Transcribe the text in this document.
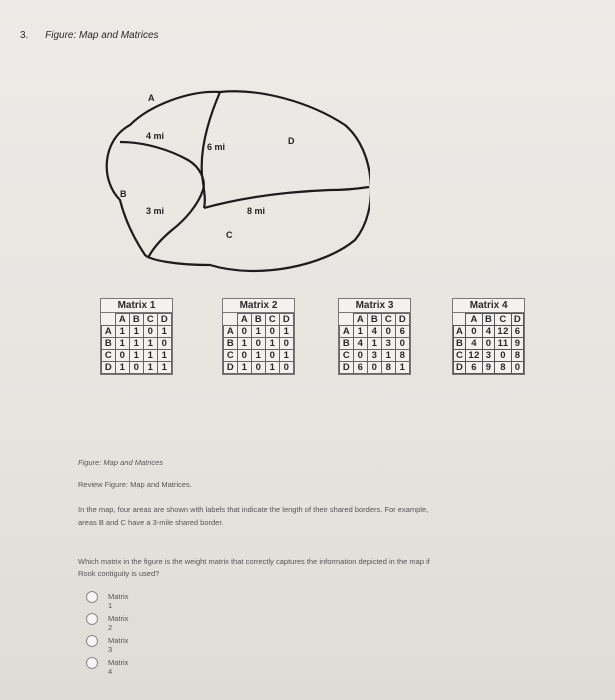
3. Figure: Map and Matrices
A
B
C
D
4 mi
6 mi
3 mi	8 mi
Matrix 1
	A	B	C	D
A	1	1	0	1
B	1	1	1	0
C	0	1	1	1
D	1	0	1	1
Matrix 2
	A	B	C	D
A	0	1	0	1
B	1	0	1	0
C	0	1	0	1
D	1	0	1	0
Matrix 3
	A	B	C	D
A	1	4	0	6
B	4	1	3	0
C	0	3	1	8
D	6	0	8	1
Matrix 4
	A	B	C	D
A	0	4	12	6
B	4	0	11	9
C	12	3	0	8
D	6	9	8	0
Figure: Map and Matrices
Review Figure: Map and Matrices.
In the map, four areas are shown with labels that indicate the length of their shared borders. For example,
areas B and C have a 3-mile shared border.
Which matrix in the figure is the weight matrix that correctly captures the information depicted in the map if
Rook contiguity is used?
Matrix 1
Matrix 2
Matrix 3
Matrix 4
